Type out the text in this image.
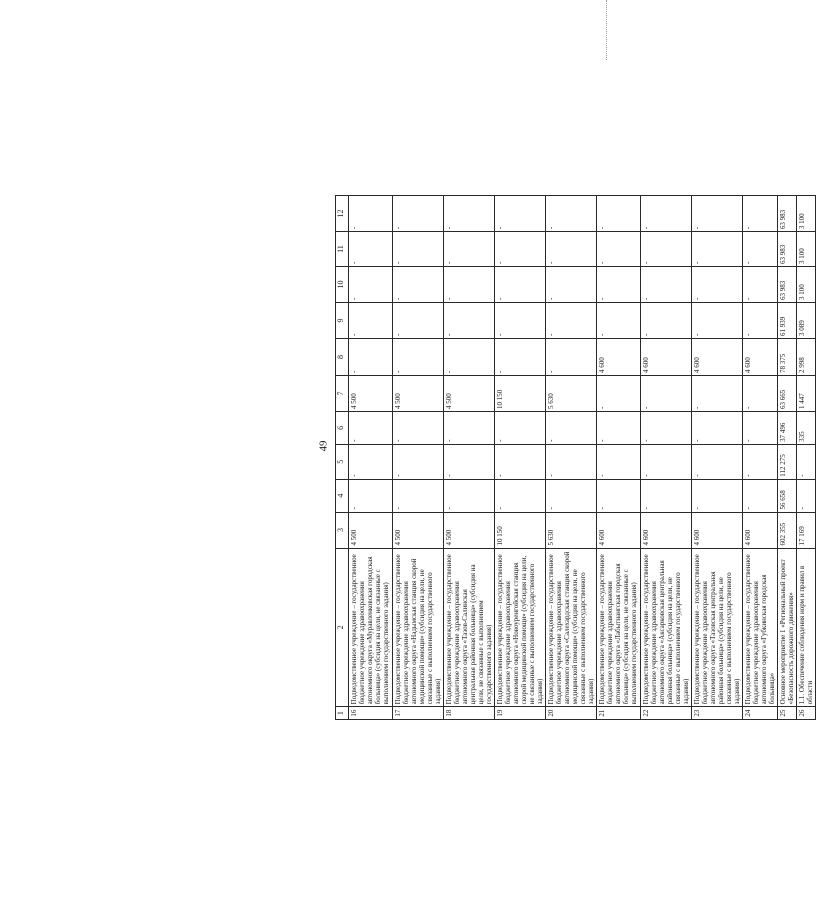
49
1	2	3	4	5	6	7	8	9	10	11	12
16	Подведомственное учреждение – государственное бюджетное учреждение здравоохранения автономного округа «Муравленковская городская больница» (субсидия на цели, не связанные с выполнением государственного задания)	4 500	-	-	-	4 500	-	-	-	-	-
17	Подведомственное учреждение – государственное бюджетное учреждение здравоохранения автономного округа «Надымская станция скорой медицинской помощи» (субсидия на цели, не связанные с выполнением государственного задания)	4 500	-	-	-	4 500	-	-	-	-	-
18	Подведомственное учреждение – государственное бюджетное учреждение здравоохранения автономного округа «Тазов-Салинская центральная районная больница» (субсидия на цели, не связанные с выполнением государственного задания)	4 500	-	-	-	4 500	-	-	-	-	-
19	Подведомственное учреждение – государственное бюджетное учреждение здравоохранения автономного округа «Новоуренгойская станция скорой медицинской помощи» (субсидия на цели, не связанные с выполнением государственного задания)	10 150	-	-	-	10 150	-	-	-	-	-
20	Подведомственное учреждение – государственное бюджетное учреждение здравоохранения автономного округа «Салехардская станция скорой медицинской помощи» (субсидия на цели, не связанные с выполнением государственного задания)	5 630	-	-	-	5 630	-	-	-	-	-
21	Подведомственное учреждение – государственное бюджетное учреждение здравоохранения автономного округа «Лабытнангская городская больница» (субсидия на цели, не связанные с выполнением государственного задания)	4 600	-	-	-	-	4 600	-	-	-	-
22	Подведомственное учреждение – государственное бюджетное учреждение здравоохранения автономного округа «Аксарковская центральная районная больница» (субсидия на цели, не связанные с выполнением государственного задания)	4 600	-	-	-	-	4 600	-	-	-	-
23	Подведомственное учреждение – государственное бюджетное учреждение здравоохранения автономного округа «Тазовская центральная районная больница» (субсидия на цели, не связанные с выполнением государственного задания)	4 600	-	-	-	-	4 600	-	-	-	-
24	Подведомственное учреждение – государственное бюджетное учреждение здравоохранения автономного округа «Губкинская городская больница»	4 600	-	-	-	-	4 600	-	-	-	-
25	Основное мероприятие 1 «Региональный проект «Безопасность дорожного движения»	602 355	56 658	112 275	37 496	63 665	78 375	61 939	63 983	63 983	63 983
26	1.1. Обеспечение соблюдения норм и правил в области	17 169	-	-	335	1 447	2 998	3 089	3 100	3 100	3 100
